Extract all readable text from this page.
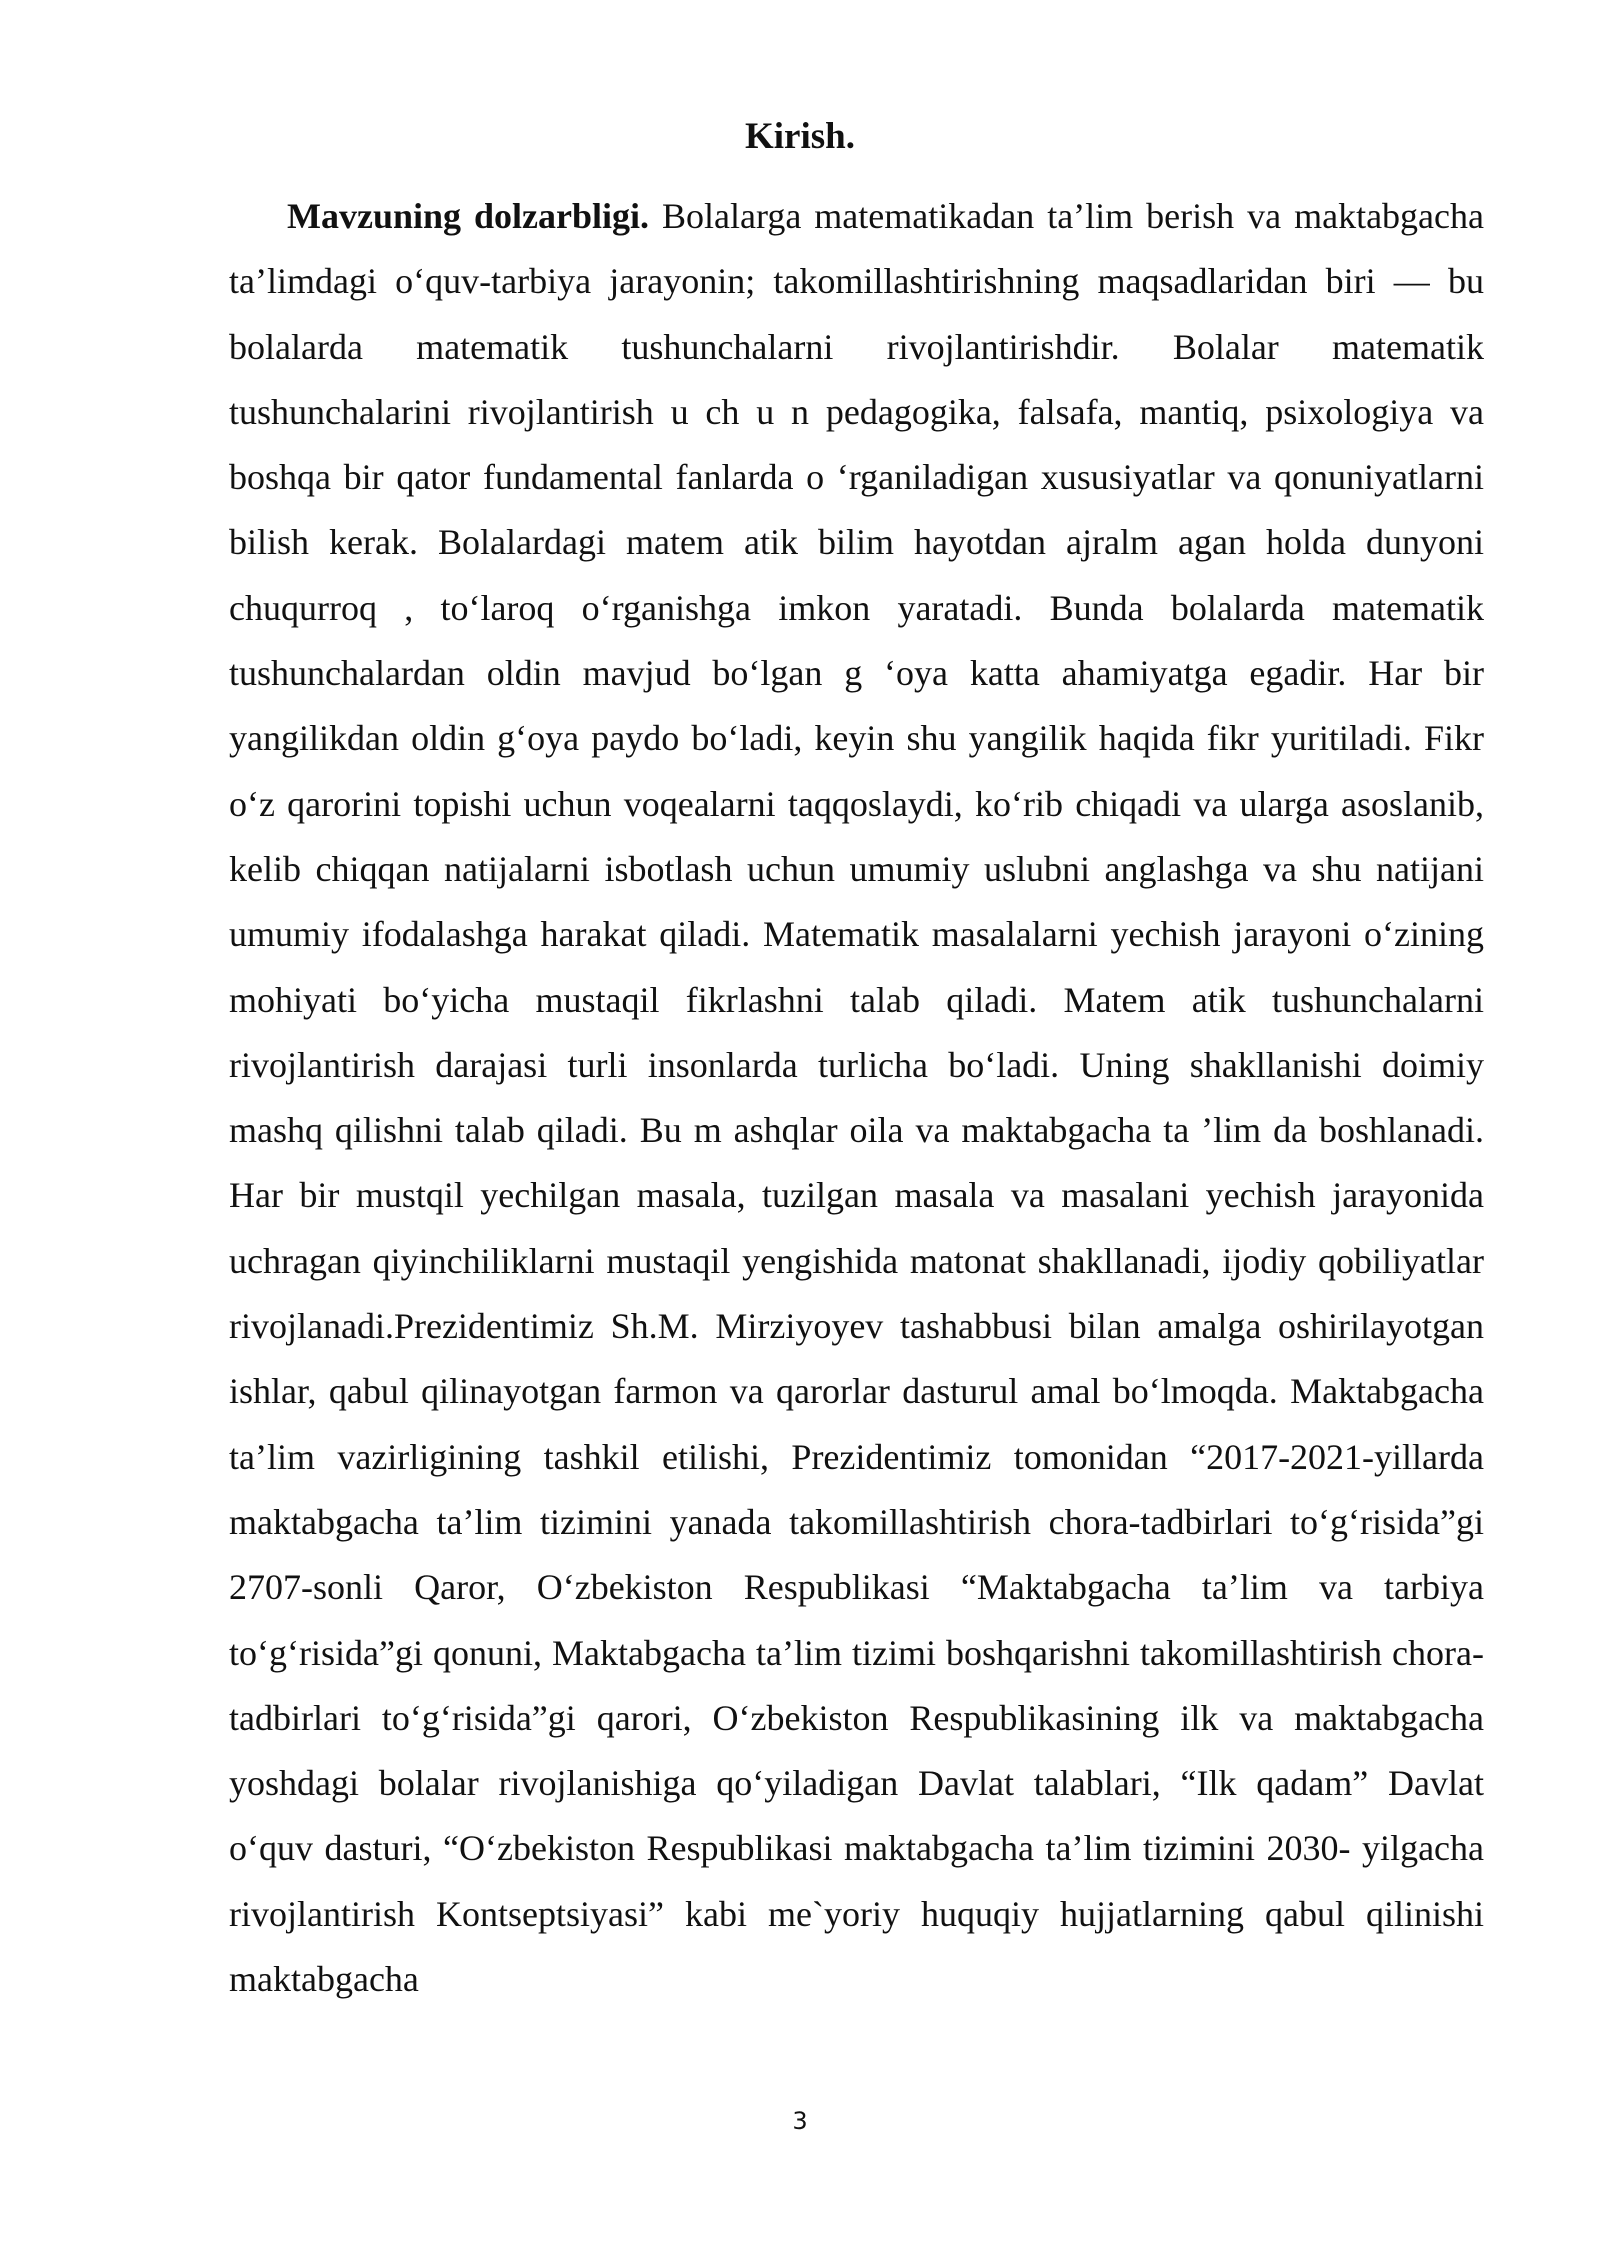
Kirish.

Mavzuning dolzarbligi. Bolalarga matematikadan ta’lim berish va maktabgacha ta’limdagi o‘quv-tarbiya jarayonin; takomillashtirishning maqsadlaridan biri — bu bolalarda matematik tushunchalarni rivojlantirishdir. Bolalar matematik tushunchalarini rivojlantirish u ch u n pedagogika, falsafa, mantiq, psixologiya va boshqa bir qator fundamental fanlarda o ‘rganiladigan xususiyatlar va qonuniyatlarni bilish kerak. Bolalardagi matem atik bilim hayotdan ajralm agan holda dunyoni chuqurroq , to‘laroq o‘rganishga imkon yaratadi. Bunda bolalarda matematik tushunchalardan oldin mavjud bo‘lgan g ‘oya katta ahamiyatga egadir. Har bir yangilikdan oldin g‘oya paydo bo‘ladi, keyin shu yangilik haqida fikr yuritiladi. Fikr o‘z qarorini topishi uchun voqealarni taqqoslaydi, ko‘rib chiqadi va ularga asoslanib, kelib chiqqan natijalarni isbotlash uchun umumiy uslubni anglashga va shu natijani umumiy ifodalashga harakat qiladi. Matematik masalalarni yechish jarayoni o‘zining mohiyati bo‘yicha mustaqil fikrlashni talab qiladi. Matem atik tushunchalarni rivojlantirish darajasi turli insonlarda turlicha bo‘ladi. Uning shakllanishi doimiy mashq qilishni talab qiladi. Bu m ashqlar oila va maktabgacha ta ’lim da boshlanadi. Har bir mustqil yechilgan masala, tuzilgan masala va masalani yechish jarayonida uchragan qiyinchiliklarni mustaqil yengishida matonat shakllanadi, ijodiy qobiliyatlar rivojlanadi.Prezidentimiz Sh.M. Mirziyoyev tashabbusi bilan amalga oshirilayotgan ishlar, qabul qilinayotgan farmon va qarorlar dasturul amal bo‘lmoqda. Maktabgacha ta’lim vazirligining tashkil etilishi, Prezidentimiz tomonidan “2017-2021-yillarda maktabgacha ta’lim tizimini yanada takomillashtirish chora-tadbirlari to‘g‘risida”gi 2707-sonli Qaror, O‘zbekiston Respublikasi “Maktabgacha ta’lim va tarbiya to‘g‘risida”gi qonuni, Maktabgacha ta’lim tizimi boshqarishni takomillashtirish chora-tadbirlari to‘g‘risida”gi qarori, O‘zbekiston Respublikasining ilk va maktabgacha yoshdagi bolalar rivojlanishiga qo‘yiladigan Davlat talablari, “Ilk qadam” Davlat o‘quv dasturi, “O‘zbekiston Respublikasi maktabgacha ta’lim tizimini 2030- yilgacha rivojlantirish Kontseptsiyasi” kabi me`yoriy huquqiy hujjatlarning qabul qilinishi maktabgacha

3
